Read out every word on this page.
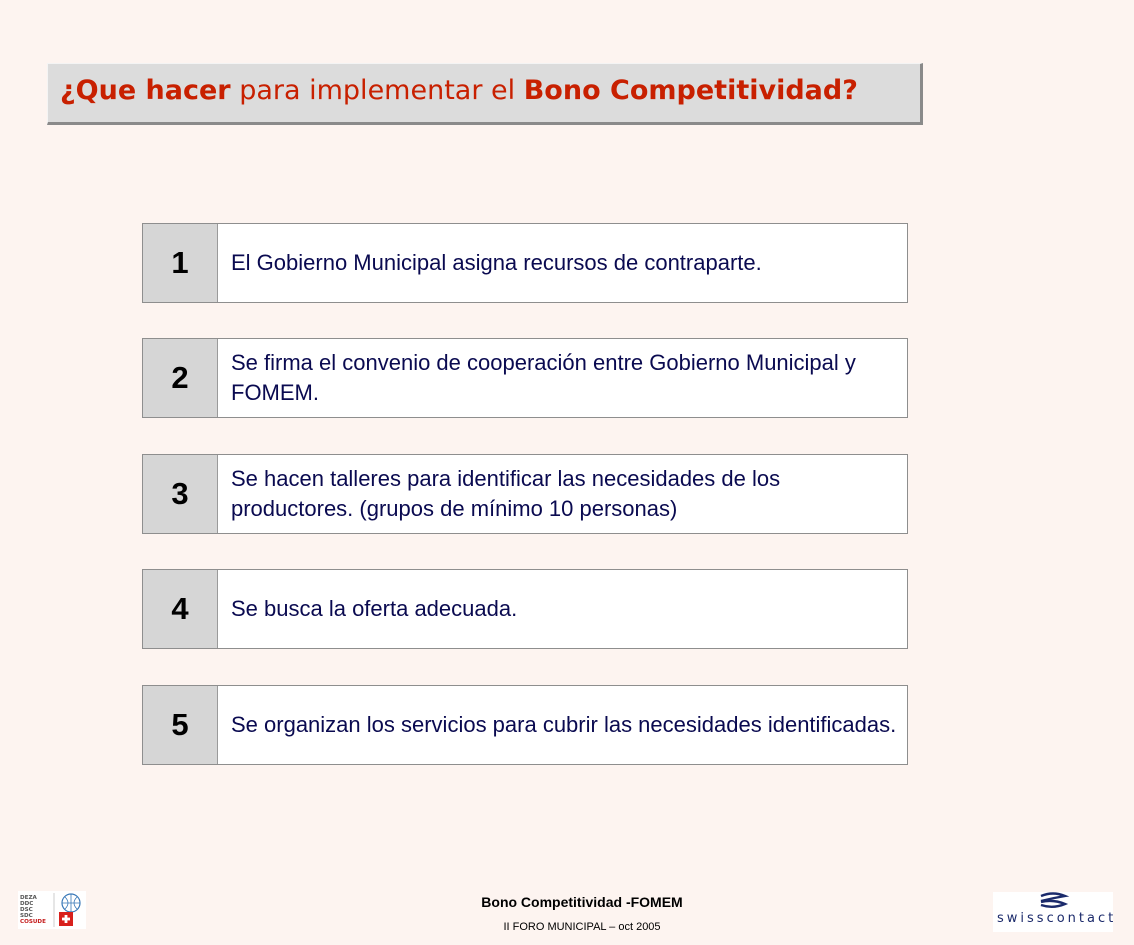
¿Que hacer para implementar el Bono Competitividad?
1	El Gobierno Municipal asigna recursos de contraparte.
2	Se firma el convenio de cooperación entre Gobierno Municipal y FOMEM.
3	Se hacen talleres para identificar las necesidades de los productores. (grupos de mínimo 10 personas)
4	Se busca la oferta adecuada.
5	Se organizan los servicios para cubrir las necesidades identificadas.
DEZA
DDC
DSC
SDC
COSUDE
Bono Competitividad -FOMEM
II FORO MUNICIPAL – oct 2005
swisscontact
